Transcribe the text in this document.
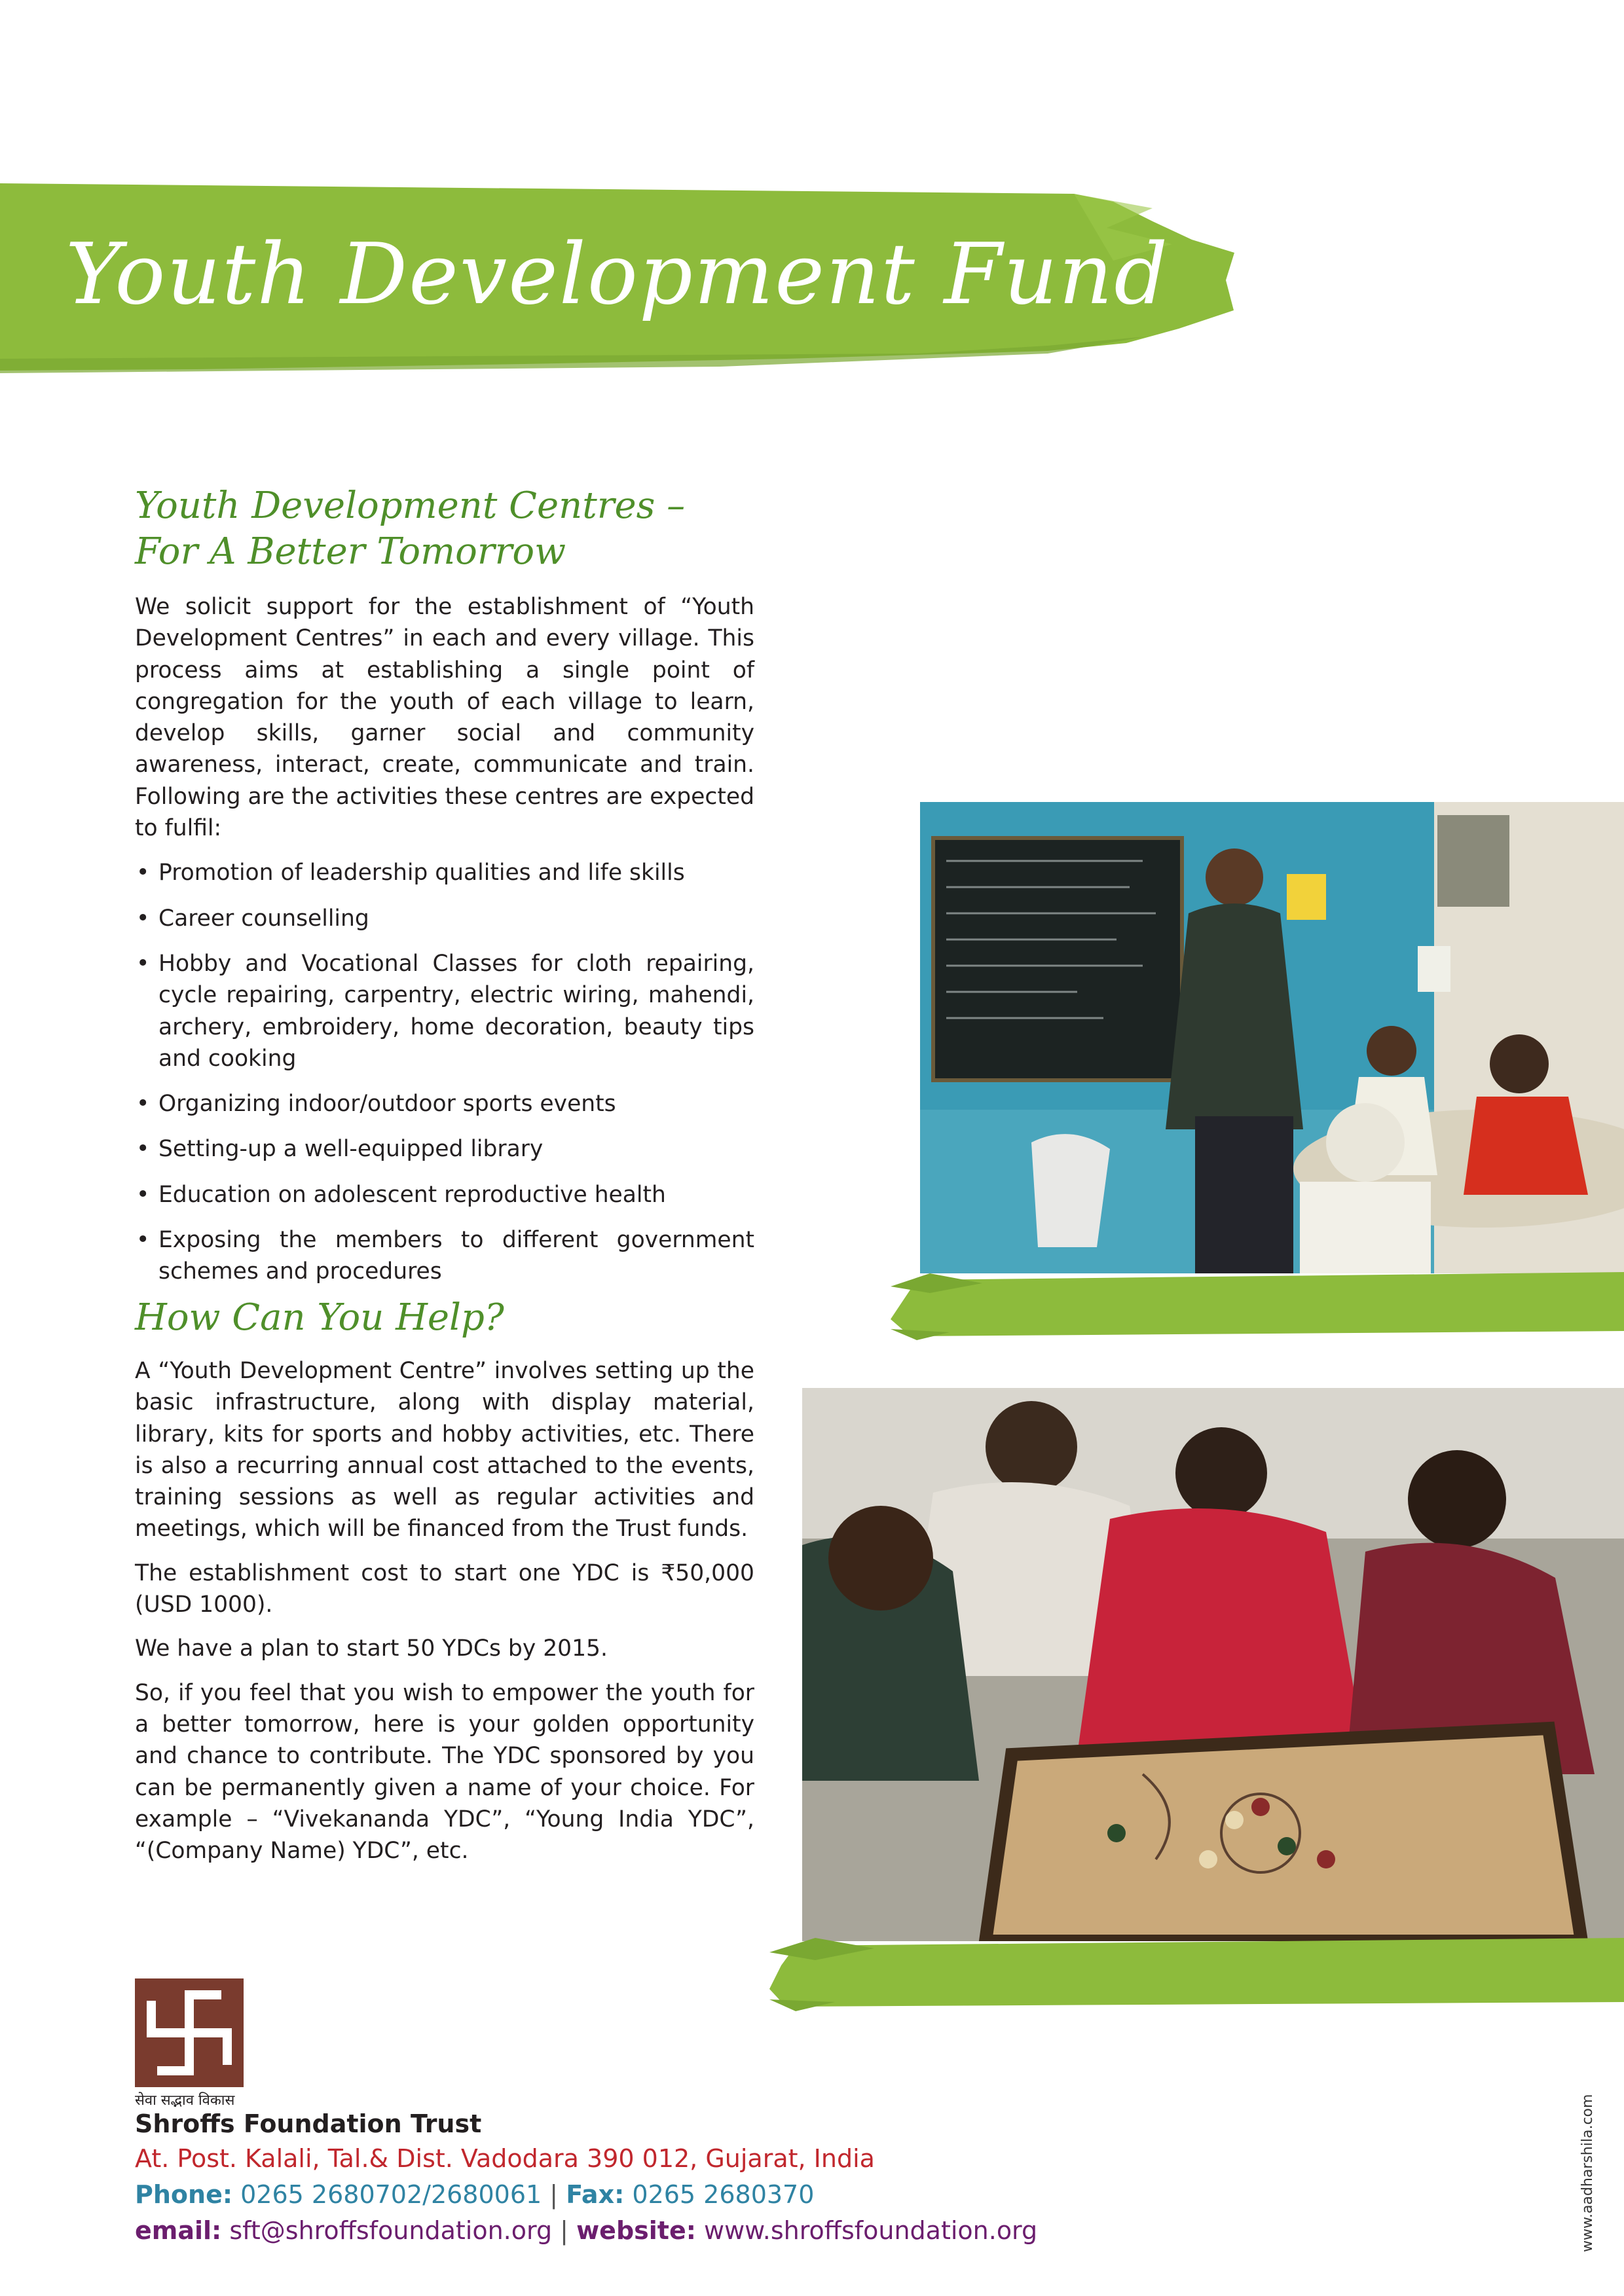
Youth Development Fund
Youth Development Centres –
For A Better Tomorrow

We solicit support for the establishment of “Youth Development Centres” in each and every village. This process aims at establishing a single point of congregation for the youth of each village to learn, develop skills, garner social and community awareness, interact, create, communicate and train. Following are the activities these centres are expected to fulfil:

• Promotion of leadership qualities and life skills
• Career counselling
• Hobby and Vocational Classes for cloth repairing, cycle repairing, carpentry, electric wiring, mahendi, archery, embroidery, home decoration, beauty tips and cooking
• Organizing indoor/outdoor sports events
• Setting-up a well-equipped library
• Education on adolescent reproductive health
• Exposing the members to different government schemes and procedures
How Can You Help?

A “Youth Development Centre” involves setting up the basic infrastructure, along with display material, library, kits for sports and hobby activities, etc. There is also a recurring annual cost attached to the events, training sessions as well as regular activities and meetings, which will be financed from the Trust funds.

The establishment cost to start one YDC is ₹50,000 (USD 1000).

We have a plan to start 50 YDCs by 2015.

So, if you feel that you wish to empower the youth for a better tomorrow, here is your golden opportunity and chance to contribute. The YDC sponsored by you can be permanently given a name of your choice. For example – “Vivekananda YDC”, “Young India YDC”, “(Company Name) YDC”, etc.

सेवा सद्भाव विकास

Shroffs Foundation Trust

At. Post. Kalali, Tal.& Dist. Vadodara 390 012, Gujarat, India

Phone: 0265 2680702/2680061 | Fax: 0265 2680370

email: sft@shroffsfoundation.org | website: www.shroffsfoundation.org	www.aadharshila.com
